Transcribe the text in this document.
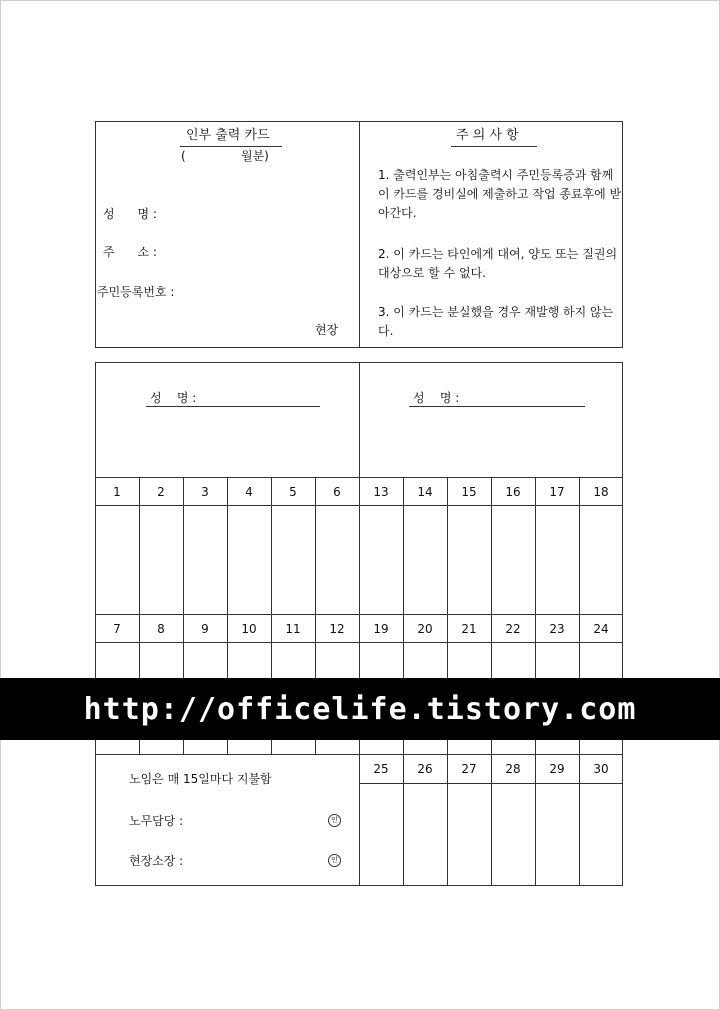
인부 출력 카드
(	월분)
성      명 :
주      소 :
주민등록번호 :
현장
주 의 사 항
1. 출력인부는 아침출력시 주민등록증과 함께 이 카드를 경비실에 제출하고 작업 종료후에 받아간다.
2. 이 카드는 타인에게 대여, 양도 또는 질권의 대상으로 할 수 없다.
3. 이 카드는 분실했을 경우 재발행 하지 않는다.
성    명 :	성    명 :
1	2	3	4	5	6	13	14	15	16	17	18
7	8	9	10	11	12	19	20	21	22	23	24
25	26	27	28	29	30
노임은 매 15일마다 지불함
노무담당 :	인
현장소장 :	인
http://officelife.tistory.com
